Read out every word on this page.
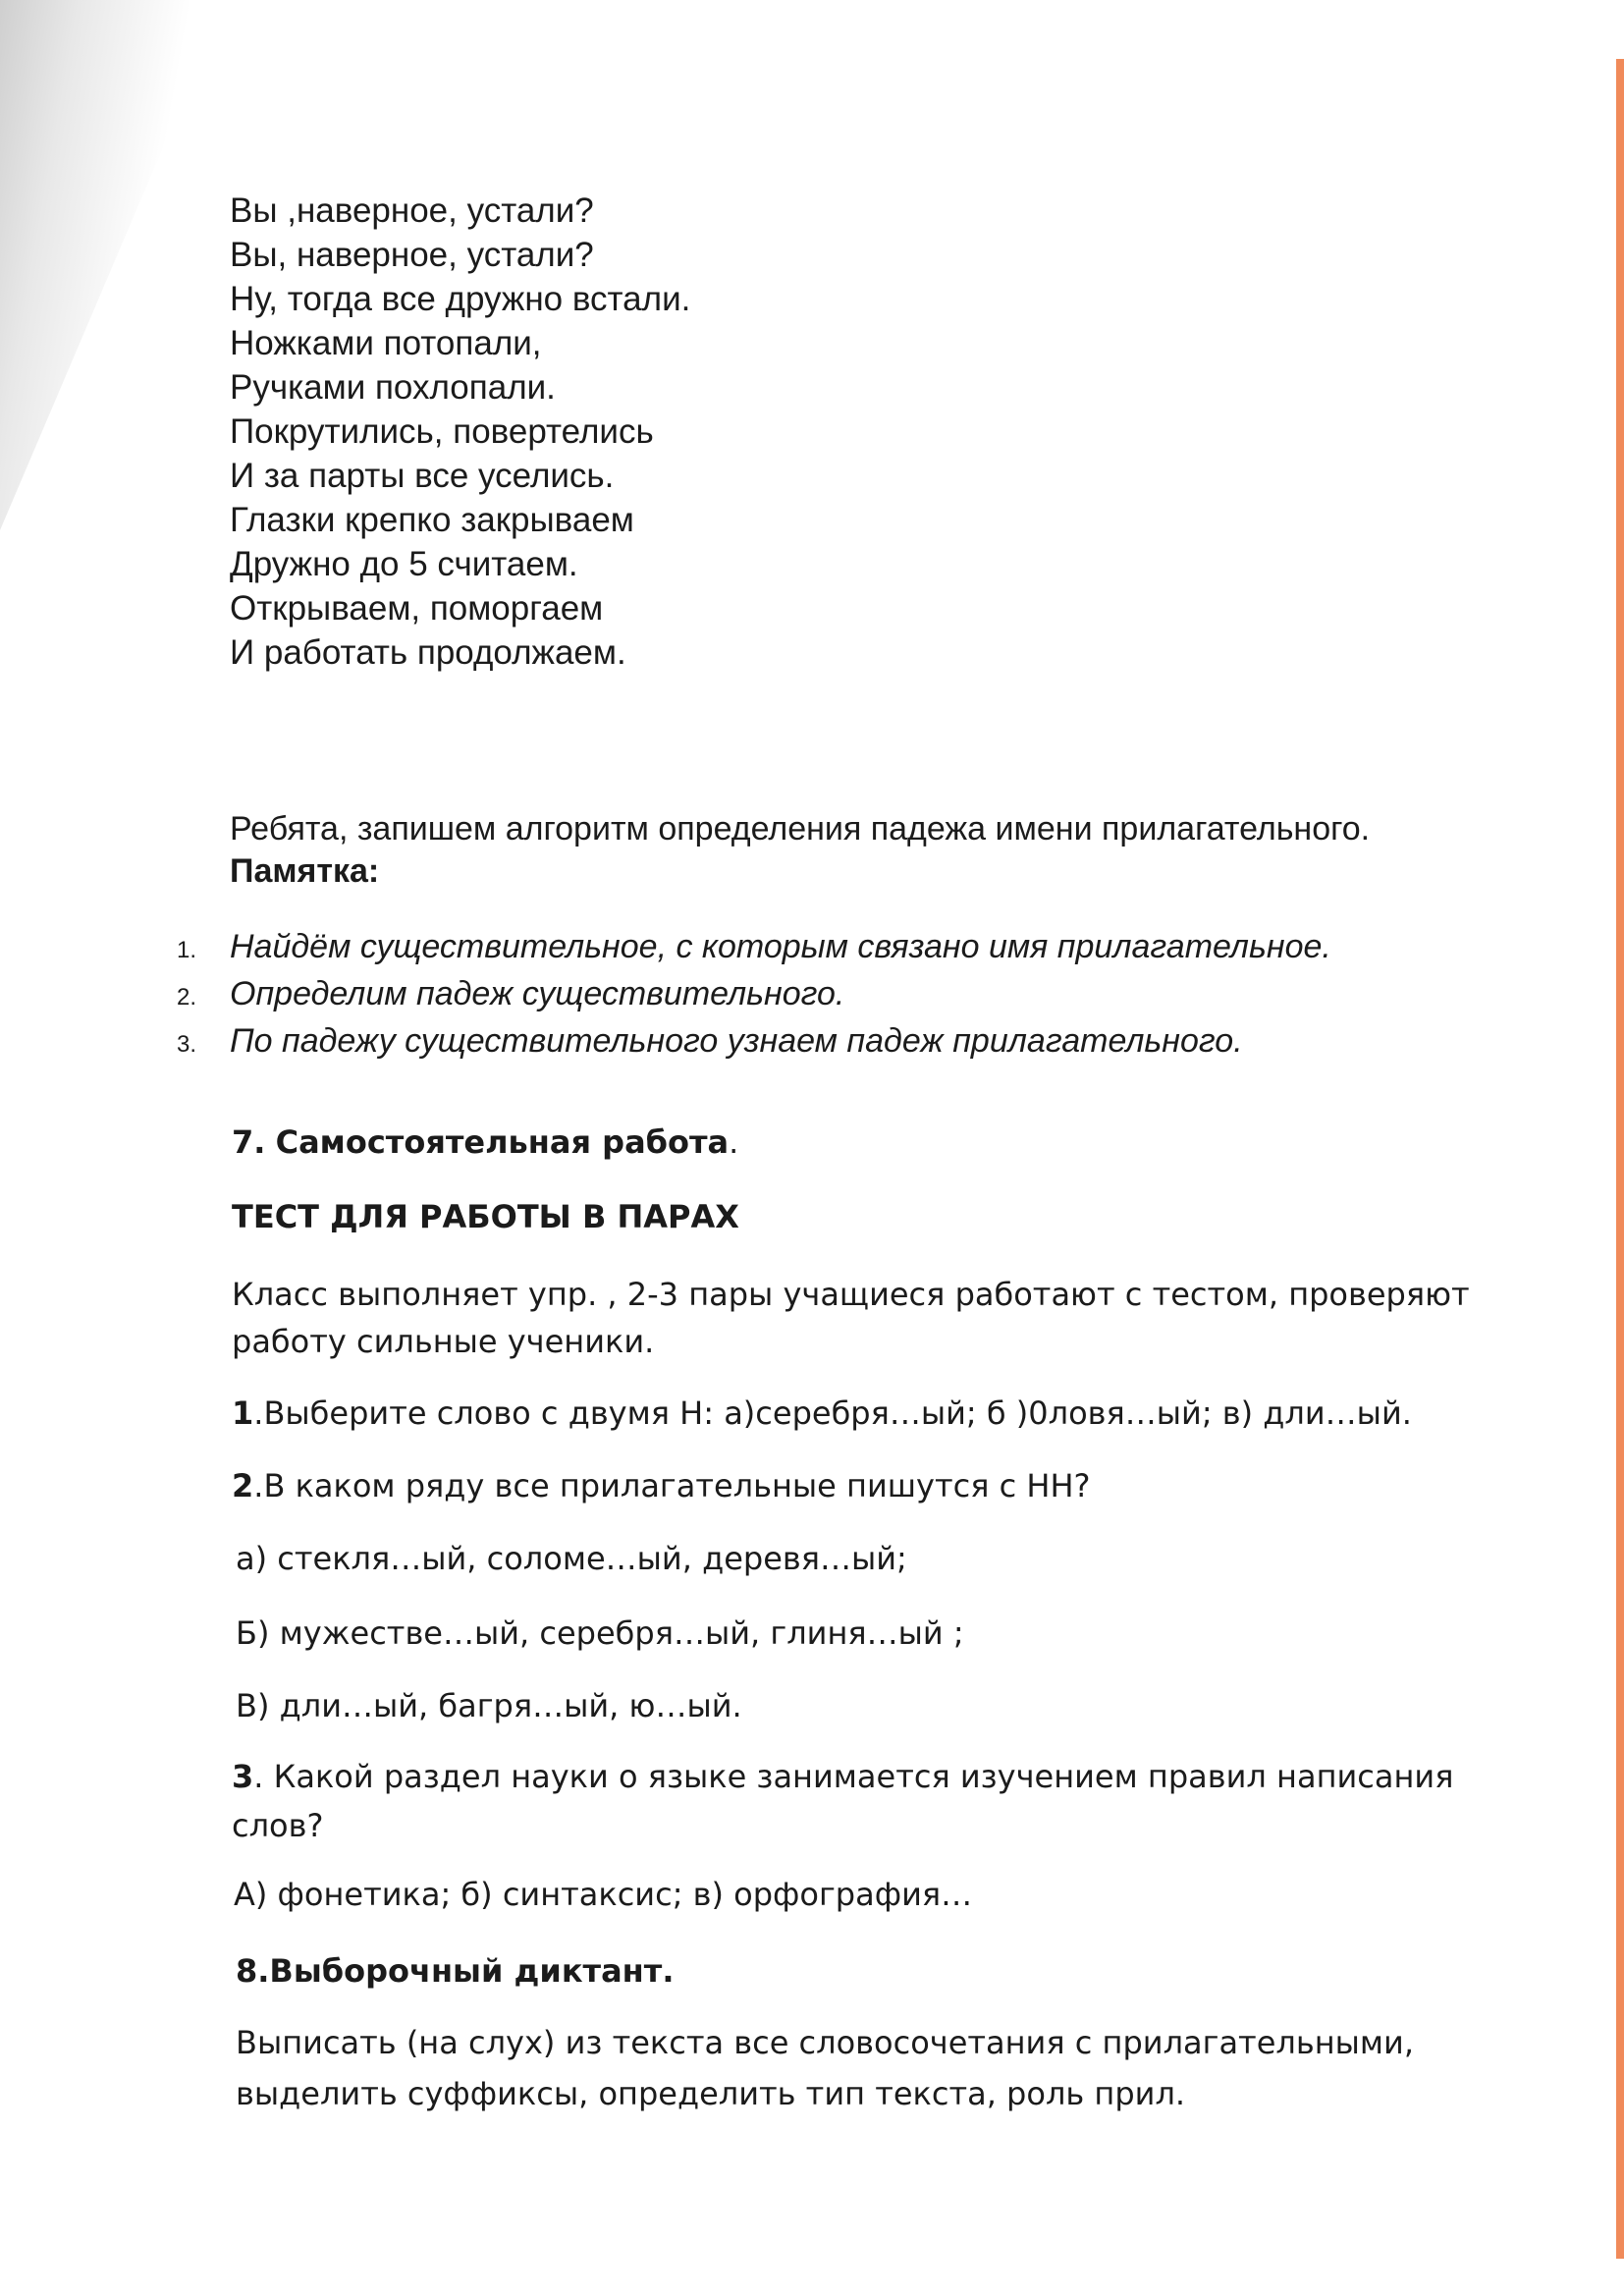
Вы ,наверное, устали?
Вы, наверное, устали?
Ну, тогда все дружно встали.
Ножками потопали,
Ручками похлопали.
Покрутились, повертелись
И за парты все уселись.
Глазки крепко закрываем
Дружно до 5 считаем.
Открываем, поморгаем
И работать продолжаем.
Ребята, запишем алгоритм определения падежа имени прилагательного.
Памятка:
1. Найдём существительное, с которым связано имя прилагательное.
2. Определим падеж существительного.
3. По падежу существительного узнаем падеж прилагательного.
7. Самостоятельная работа.
ТЕСТ ДЛЯ РАБОТЫ В ПАРАХ
Класс выполняет упр. , 2-3 пары учащиеся работают с тестом, проверяют
работу сильные ученики.
1.Выберите слово с двумя Н: а)серебря…ый; б )0ловя…ый; в) дли…ый.
2.В каком ряду все прилагательные пишутся с НН?
а) стекля…ый, соломе…ый, деревя…ый;
Б) мужестве…ый, серебря…ый, глиня…ый ;
В) дли…ый, багря…ый, ю…ый.
3. Какой раздел науки о языке занимается изучением правил написания
слов?
А) фонетика; б) синтаксис; в) орфография…
8.Выборочный диктант.
Выписать (на слух) из текста все словосочетания с прилагательными,
выделить суффиксы, определить тип текста, роль прил.
